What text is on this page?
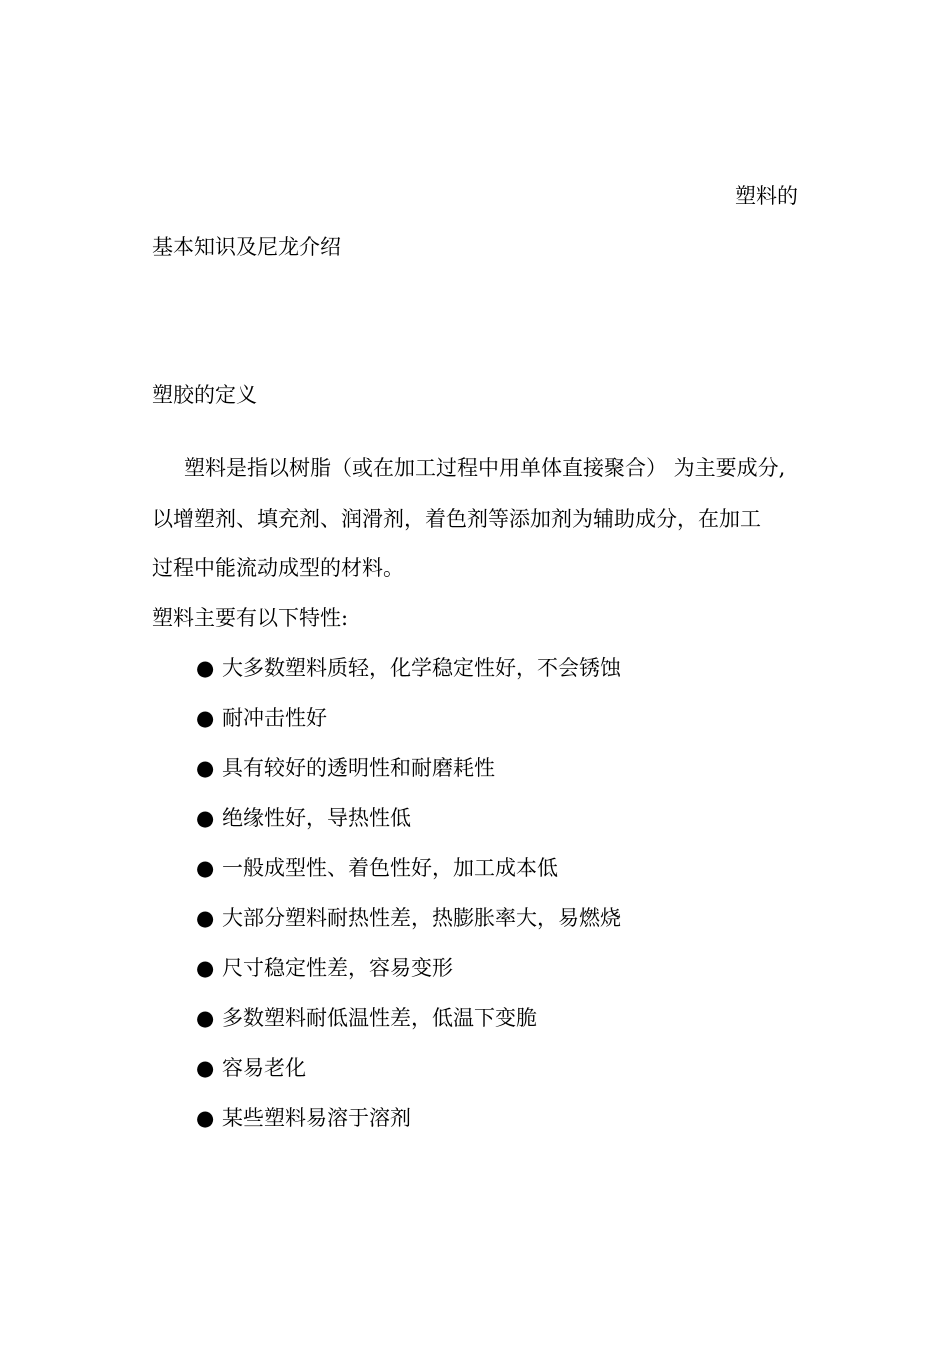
塑料的
基本知识及尼龙介绍
塑胶的定义
塑料是指以树脂（或在加工过程中用单体直接聚合） 为主要成分,
以增塑剂、填充剂、润滑剂，着色剂等添加剂为辅助成分，在加工
过程中能流动成型的材料。
塑料主要有以下特性:
● 大多数塑料质轻，化学稳定性好，不会锈蚀
● 耐冲击性好
● 具有较好的透明性和耐磨耗性
● 绝缘性好，导热性低
● 一般成型性、着色性好，加工成本低
● 大部分塑料耐热性差，热膨胀率大，易燃烧
● 尺寸稳定性差，容易变形
● 多数塑料耐低温性差，低温下变脆
● 容易老化
● 某些塑料易溶于溶剂
